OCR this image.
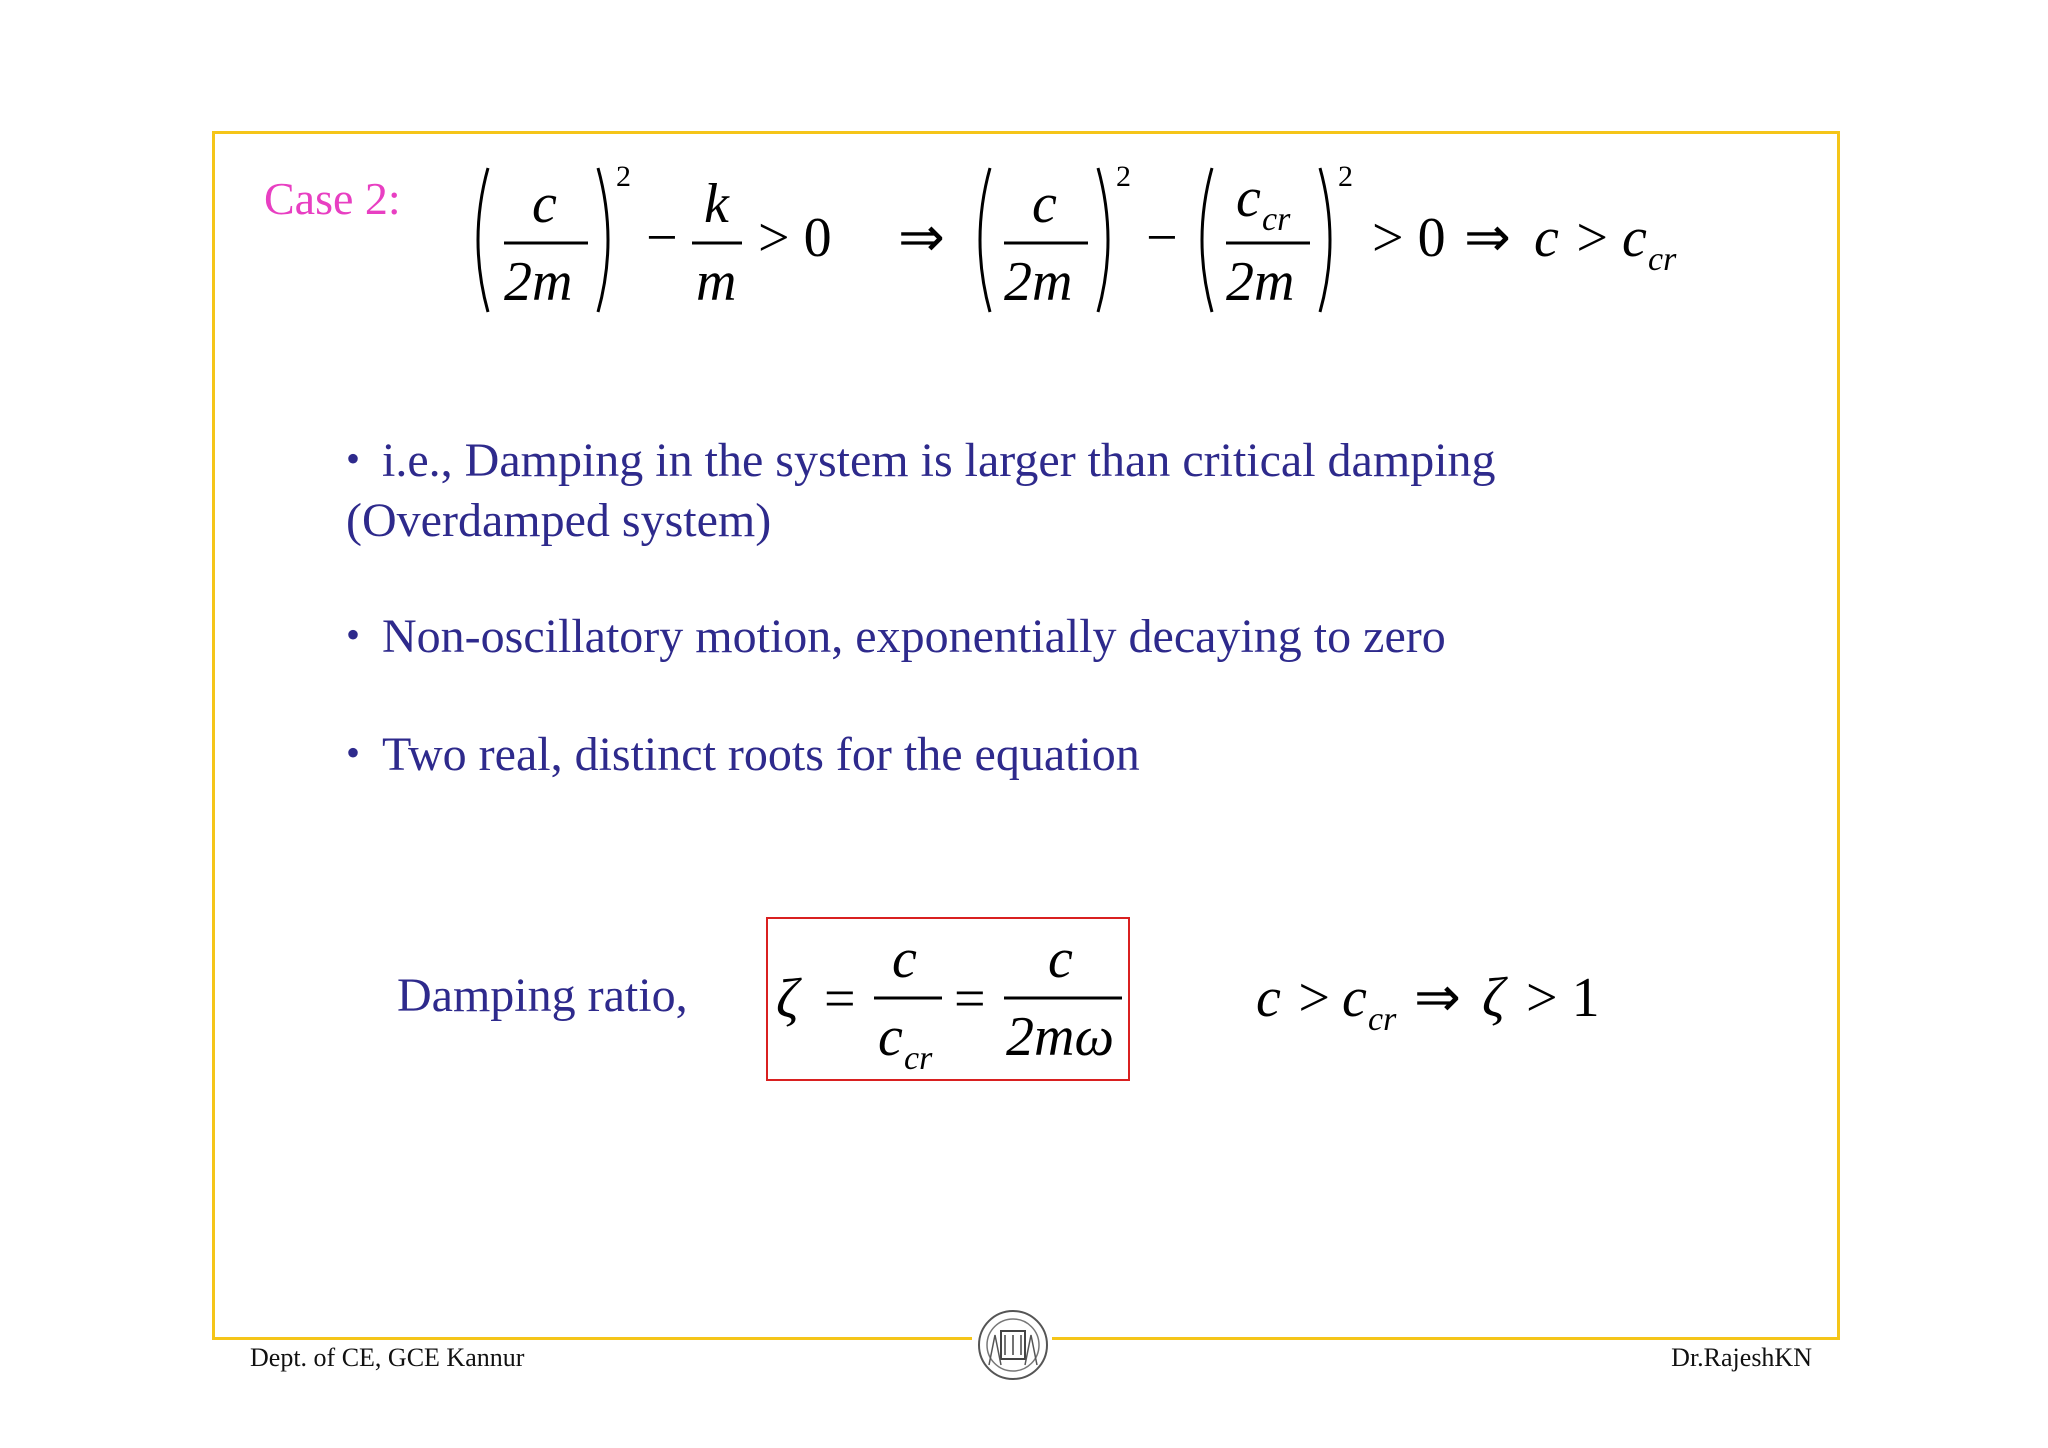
Case 2: c
2m
2
−
k
m
> 0 ⇒
c
2m
2
−
c cr
2m
2
> 0 ⇒ c > c cr
• i.e., Damping in the system is larger than critical damping
(Overdamped system)
• Non-oscillatory motion, exponentially decaying to zero
• Two real, distinct roots for the equation
Damping ratio, ζ =
c
c cr
=
c
2mω
c > c cr ⇒ ζ > 1
Dept. of CE, GCE Kannur	Dr.RajeshKN
